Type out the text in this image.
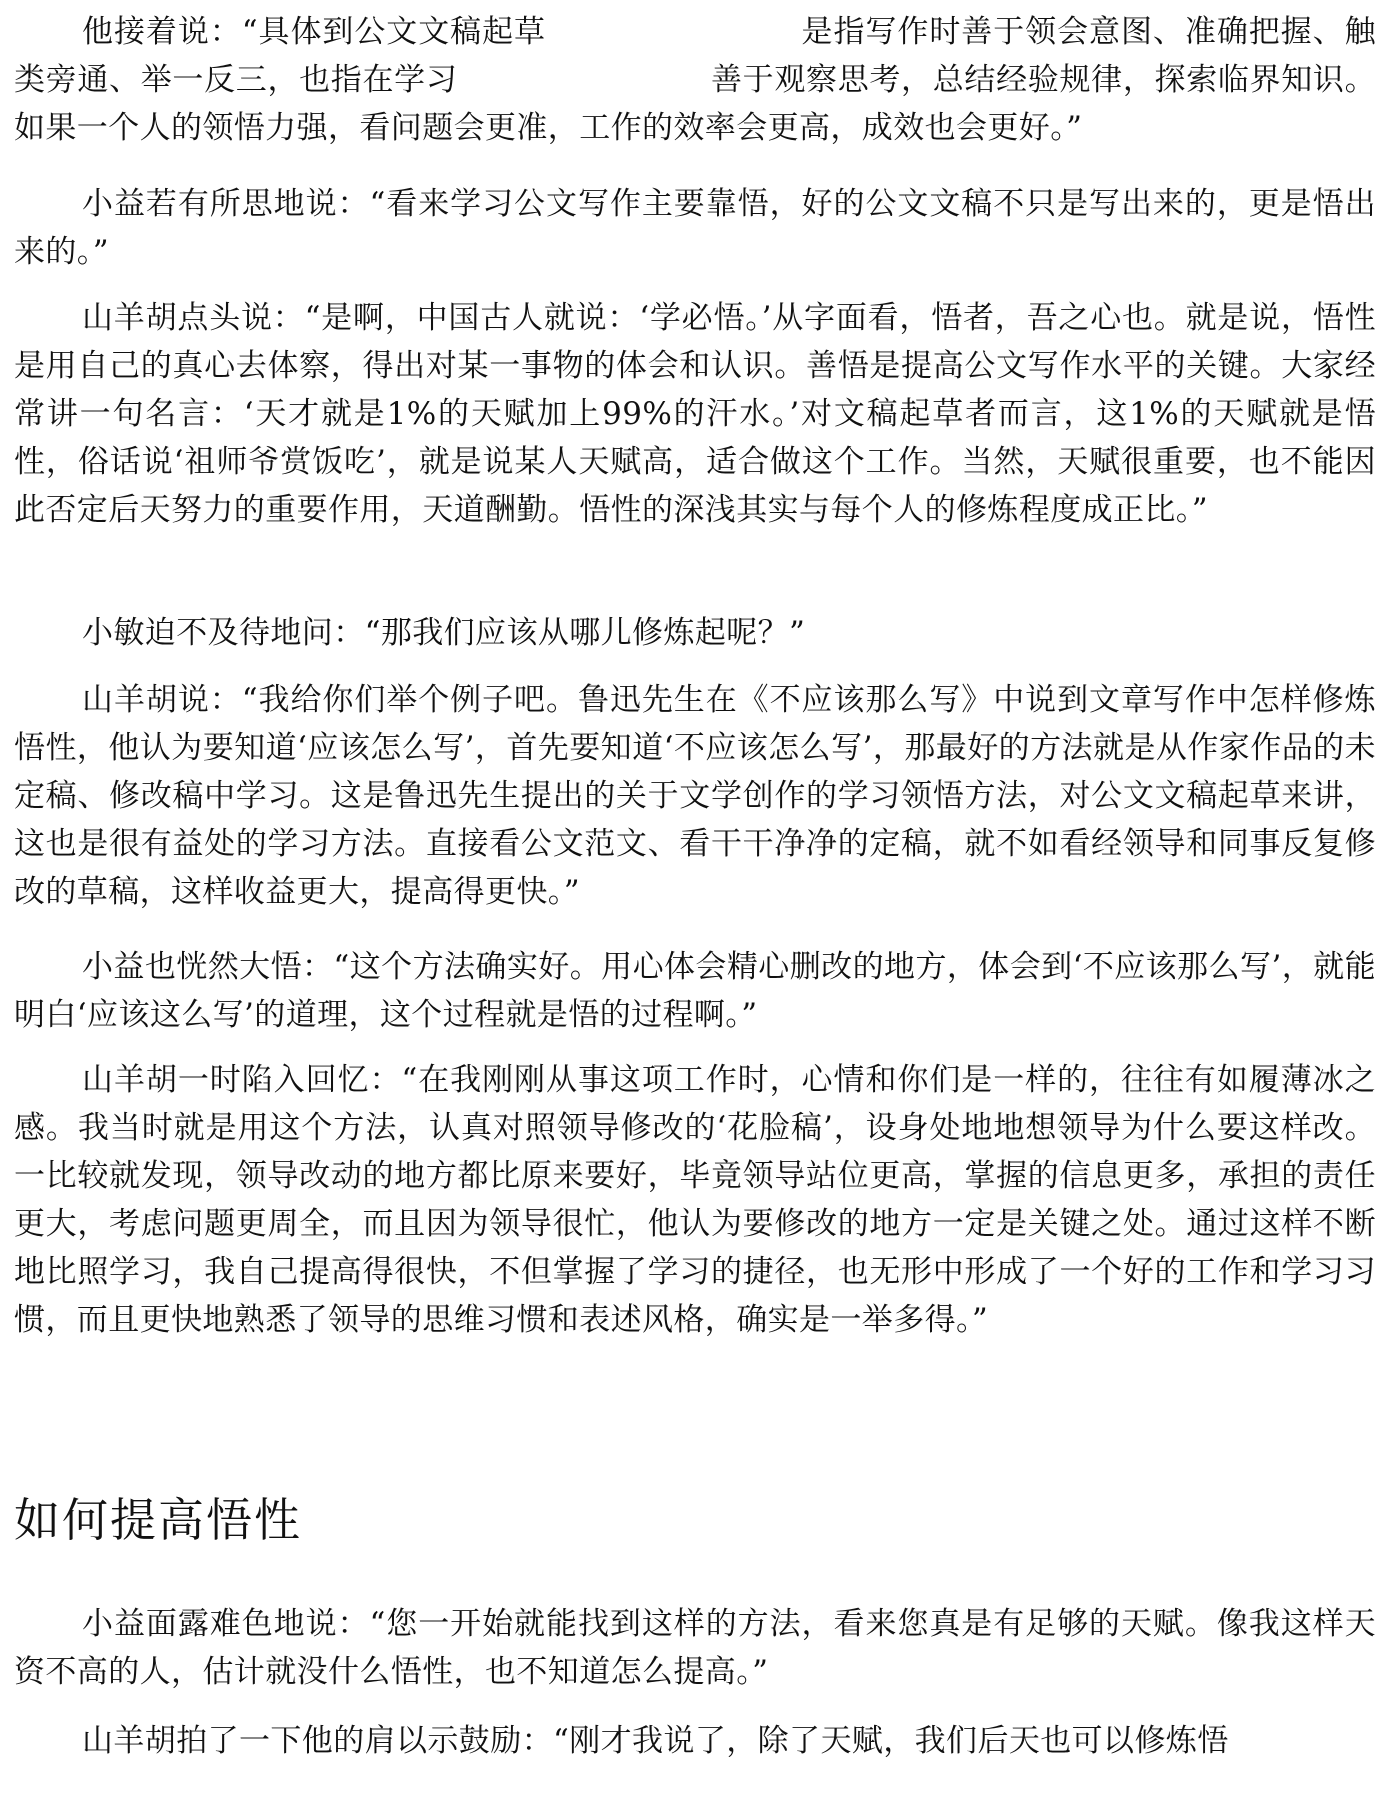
他接着说：“具体到公文文稿起草　　　　　　　　是指写作时善于领会意图、准确把握、触类旁通、举一反三，也指在学习　　　　　　　　善于观察思考，总结经验规律，探索临界知识。如果一个人的领悟力强，看问题会更准，工作的效率会更高，成效也会更好。”

小益若有所思地说：“看来学习公文写作主要靠悟，好的公文文稿不只是写出来的，更是悟出来的。”

山羊胡点头说：“是啊，中国古人就说：‘学必悟。’从字面看，悟者，吾之心也。就是说，悟性是用自己的真心去体察，得出对某一事物的体会和认识。善悟是提高公文写作水平的关键。大家经常讲一句名言：‘天才就是1%的天赋加上99%的汗水。’对文稿起草者而言，这1%的天赋就是悟性，俗话说‘祖师爷赏饭吃’，就是说某人天赋高，适合做这个工作。当然，天赋很重要，也不能因此否定后天努力的重要作用，天道酬勤。悟性的深浅其实与每个人的修炼程度成正比。”

小敏迫不及待地问：“那我们应该从哪儿修炼起呢？”

山羊胡说：“我给你们举个例子吧。鲁迅先生在《不应该那么写》中说到文章写作中怎样修炼悟性，他认为要知道‘应该怎么写’，首先要知道‘不应该怎么写’，那最好的方法就是从作家作品的未定稿、修改稿中学习。这是鲁迅先生提出的关于文学创作的学习领悟方法，对公文文稿起草来讲，这也是很有益处的学习方法。直接看公文范文、看干干净净的定稿，就不如看经领导和同事反复修改的草稿，这样收益更大，提高得更快。”

小益也恍然大悟：“这个方法确实好。用心体会精心删改的地方，体会到‘不应该那么写’，就能明白‘应该这么写’的道理，这个过程就是悟的过程啊。”

山羊胡一时陷入回忆：“在我刚刚从事这项工作时，心情和你们是一样的，往往有如履薄冰之感。我当时就是用这个方法，认真对照领导修改的‘花脸稿’，设身处地地想领导为什么要这样改。一比较就发现，领导改动的地方都比原来要好，毕竟领导站位更高，掌握的信息更多，承担的责任更大，考虑问题更周全，而且因为领导很忙，他认为要修改的地方一定是关键之处。通过这样不断地比照学习，我自己提高得很快，不但掌握了学习的捷径，也无形中形成了一个好的工作和学习习惯，而且更快地熟悉了领导的思维习惯和表述风格，确实是一举多得。”

如何提高悟性

小益面露难色地说：“您一开始就能找到这样的方法，看来您真是有足够的天赋。像我这样天资不高的人，估计就没什么悟性，也不知道怎么提高。”

山羊胡拍了一下他的肩以示鼓励：“刚才我说了，除了天赋，我们后天也可以修炼悟
